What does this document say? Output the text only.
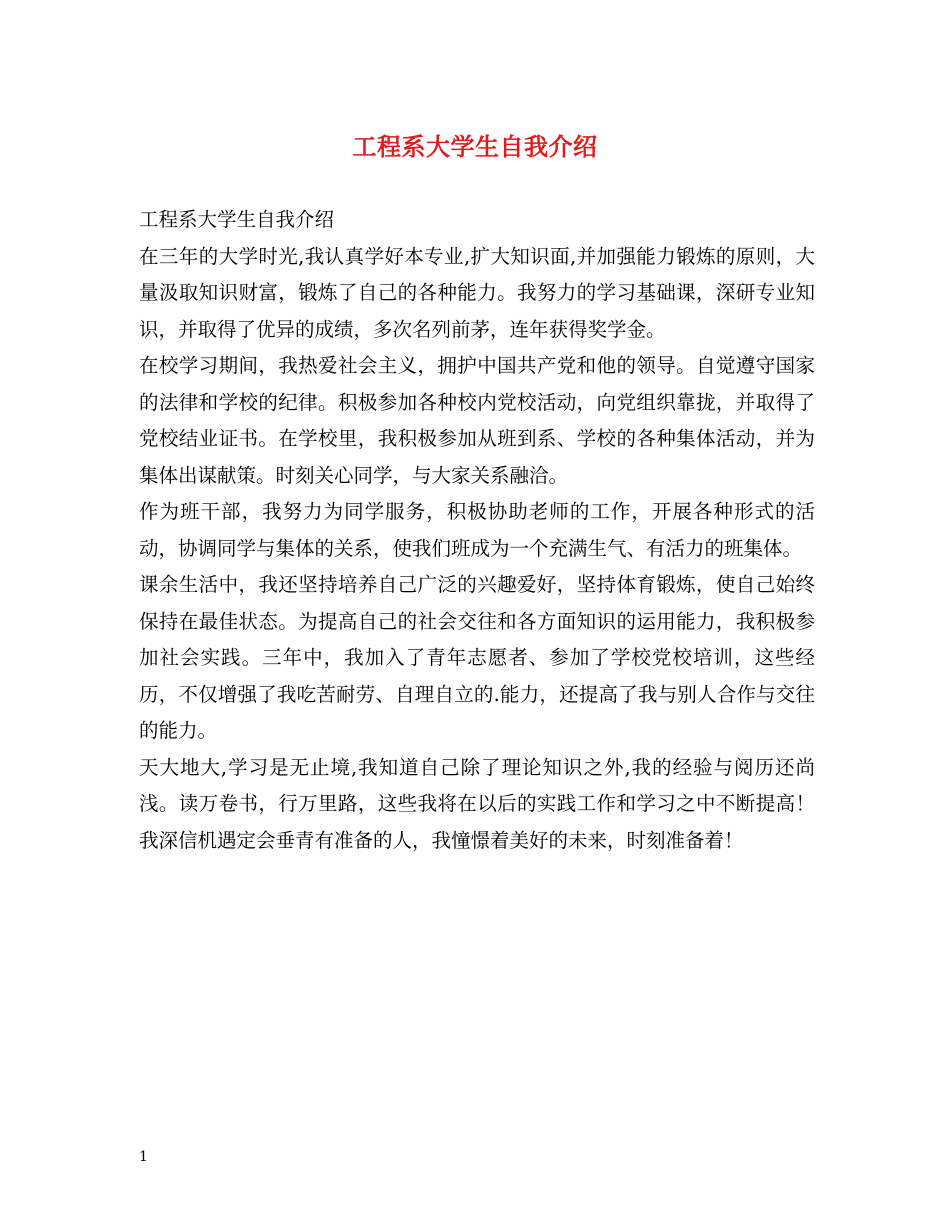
工程系大学生自我介绍

工程系大学生自我介绍

在三年的大学时光,我认真学好本专业,扩大知识面,并加强能力锻炼的原则，大量汲取知识财富，锻炼了自己的各种能力。我努力的学习基础课，深研专业知识，并取得了优异的成绩，多次名列前茅，连年获得奖学金。

在校学习期间，我热爱社会主义，拥护中国共产党和他的领导。自觉遵守国家的法律和学校的纪律。积极参加各种校内党校活动，向党组织靠拢，并取得了党校结业证书。在学校里，我积极参加从班到系、学校的各种集体活动，并为集体出谋献策。时刻关心同学，与大家关系融洽。

作为班干部，我努力为同学服务，积极协助老师的工作，开展各种形式的活动，协调同学与集体的关系，使我们班成为一个充满生气、有活力的班集体。

课余生活中，我还坚持培养自己广泛的兴趣爱好，坚持体育锻炼，使自己始终保持在最佳状态。为提高自己的社会交往和各方面知识的运用能力，我积极参加社会实践。三年中，我加入了青年志愿者、参加了学校党校培训，这些经历，不仅增强了我吃苦耐劳、自理自立的.能力，还提高了我与别人合作与交往的能力。

天大地大,学习是无止境,我知道自己除了理论知识之外,我的经验与阅历还尚浅。读万卷书，行万里路，这些我将在以后的实践工作和学习之中不断提高！我深信机遇定会垂青有准备的人，我憧憬着美好的未来，时刻准备着！

1
